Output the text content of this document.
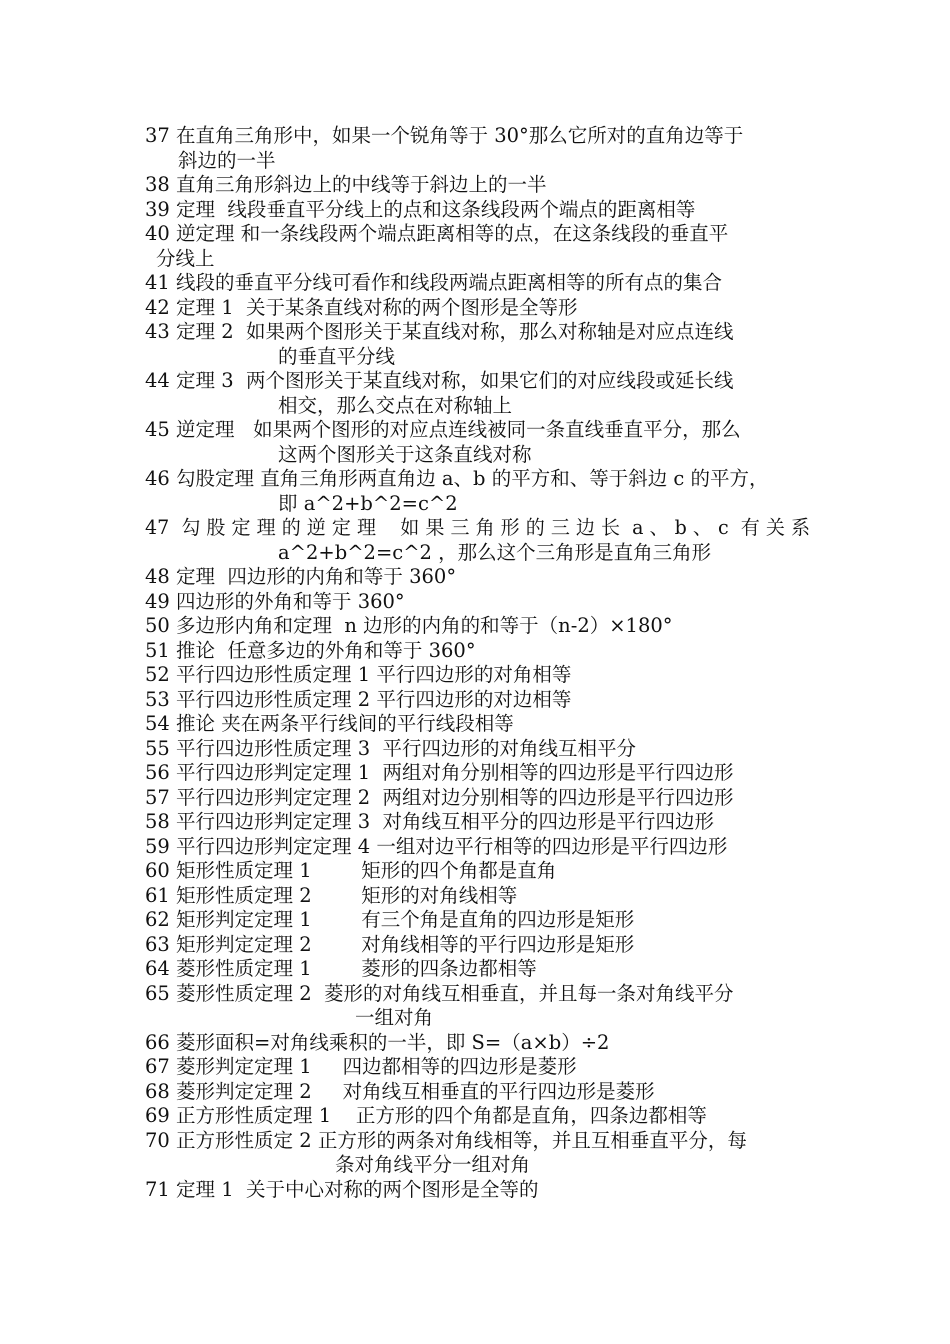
37 在直角三角形中，如果一个锐角等于 30°那么它所对的直角边等于

斜边的一半

38 直角三角形斜边上的中线等于斜边上的一半

39 定理  线段垂直平分线上的点和这条线段两个端点的距离相等

40 逆定理 和一条线段两个端点距离相等的点，在这条线段的垂直平

分线上

41 线段的垂直平分线可看作和线段两端点距离相等的所有点的集合

42 定理 1  关于某条直线对称的两个图形是全等形

43 定理 2  如果两个图形关于某直线对称，那么对称轴是对应点连线

的垂直平分线

44 定理 3  两个图形关于某直线对称，如果它们的对应线段或延长线

相交，那么交点在对称轴上

45 逆定理   如果两个图形的对应点连线被同一条直线垂直平分，那么

这两个图形关于这条直线对称

46 勾股定理 直角三角形两直角边 a、b 的平方和、等于斜边 c 的平方，

即 a^2+b^2=c^2

47  勾 股 定 理 的 逆 定 理    如 果 三 角 形 的 三 边 长  a 、 b 、 c  有 关 系

a^2+b^2=c^2 ，那么这个三角形是直角三角形

48 定理  四边形的内角和等于 360°

49 四边形的外角和等于 360°

50 多边形内角和定理  n 边形的内角的和等于（n-2）×180°

51 推论  任意多边的外角和等于 360°

52 平行四边形性质定理 1 平行四边形的对角相等

53 平行四边形性质定理 2 平行四边形的对边相等

54 推论 夹在两条平行线间的平行线段相等

55 平行四边形性质定理 3  平行四边形的对角线互相平分

56 平行四边形判定定理 1  两组对角分别相等的四边形是平行四边形

57 平行四边形判定定理 2  两组对边分别相等的四边形是平行四边形

58 平行四边形判定定理 3  对角线互相平分的四边形是平行四边形

59 平行四边形判定定理 4 一组对边平行相等的四边形是平行四边形

60 矩形性质定理 1        矩形的四个角都是直角

61 矩形性质定理 2        矩形的对角线相等

62 矩形判定定理 1        有三个角是直角的四边形是矩形

63 矩形判定定理 2        对角线相等的平行四边形是矩形

64 菱形性质定理 1        菱形的四条边都相等

65 菱形性质定理 2  菱形的对角线互相垂直，并且每一条对角线平分

一组对角

66 菱形面积=对角线乘积的一半，即 S=（a×b）÷2

67 菱形判定定理 1     四边都相等的四边形是菱形

68 菱形判定定理 2     对角线互相垂直的平行四边形是菱形

69 正方形性质定理 1    正方形的四个角都是直角，四条边都相等

70 正方形性质定 2 正方形的两条对角线相等，并且互相垂直平分，每

条对角线平分一组对角

71 定理 1  关于中心对称的两个图形是全等的
